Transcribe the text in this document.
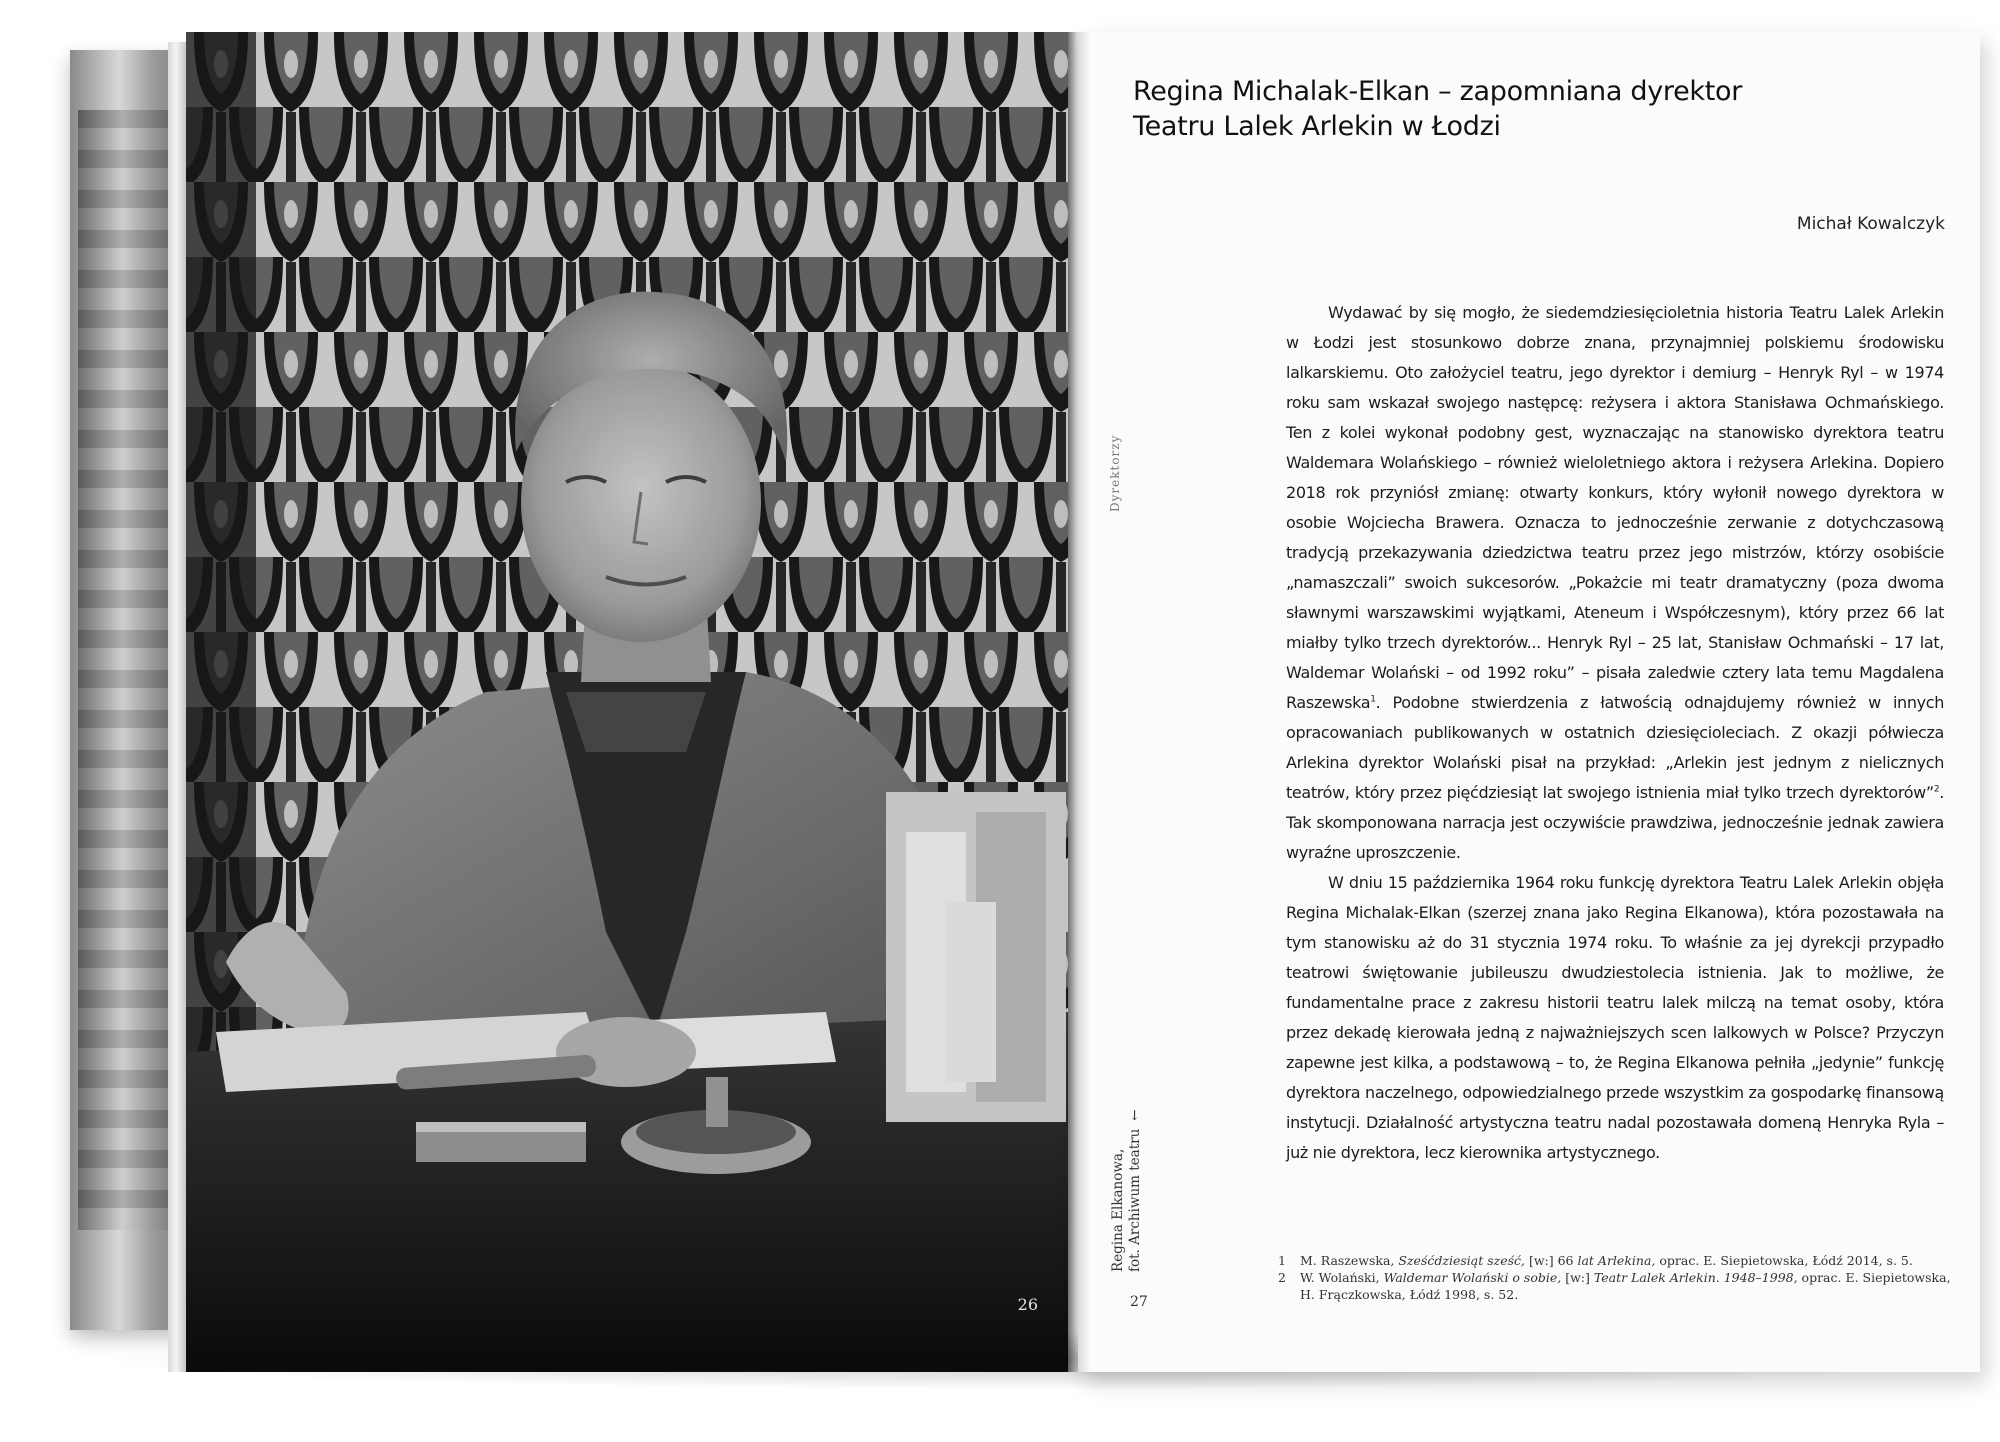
26
Regina Michalak-Elkan – zapomniana dyrektor
Teatru Lalek Arlekin w Łodzi
Michał Kowalczyk
Dyrektorzy
Regina Elkanowa,
fot. Archiwum teatru←

Wydawać by się mogło, że siedemdziesięcioletnia historia Teatru Lalek Arlekin w Łodzi jest stosunkowo dobrze znana, przynajmniej polskiemu środowisku lalkarskiemu. Oto założyciel teatru, jego dyrektor i demiurg – Henryk Ryl – w 1974 roku sam wskazał swojego następcę: reżysera i aktora Stanisława Ochmańskiego. Ten z kolei wykonał podobny gest, wyznaczając na stanowisko dyrektora teatru Waldemara Wolańskiego – również wieloletniego aktora i reżysera Arlekina. Dopiero 2018 rok przyniósł zmianę: otwarty konkurs, który wyłonił nowego dyrektora w osobie Wojciecha Brawera. Oznacza to jednocześnie zerwanie z dotychczasową tradycją przekazywania dziedzictwa teatru przez jego mistrzów, którzy osobiście „namaszczali” swoich sukcesorów. „Pokażcie mi teatr dramatyczny (poza dwoma sławnymi warszawskimi wyjątkami, Ateneum i Współczesnym), który przez 66 lat miałby tylko trzech dyrektorów... Henryk Ryl – 25 lat, Stanisław Ochmański – 17 lat, Waldemar Wolański – od 1992 roku” – pisała zaledwie cztery lata temu Magdalena Raszewska$^1$. Podobne stwierdzenia z łatwością odnajdujemy również w innych opracowaniach publikowanych w ostatnich dziesięcioleciach. Z okazji półwiecza Arlekina dyrektor Wolański pisał na przykład: „Arlekin jest jednym z nielicznych teatrów, który przez pięćdziesiąt lat swojego istnienia miał tylko trzech dyrektorów”$^2$. Tak skomponowana narracja jest oczywiście prawdziwa, jednocześnie jednak zawiera wyraźne uproszczenie.

W dniu 15 października 1964 roku funkcję dyrektora Teatru Lalek Arlekin objęła Regina Michalak-Elkan (szerzej znana jako Regina Elkanowa), która pozostawała na tym stanowisku aż do 31 stycznia 1974 roku. To właśnie za jej dyrekcji przypadło teatrowi świętowanie jubileuszu dwudziestolecia istnienia. Jak to możliwe, że fundamentalne prace z zakresu historii teatru lalek milczą na temat osoby, która przez dekadę kierowała jedną z najważniejszych scen lalkowych w Polsce? Przyczyn zapewne jest kilka, a podstawową – to, że Regina Elkanowa pełniła „jedynie” funkcję dyrektora naczelnego, odpowiedzialnego przede wszystkim za gospodarkę finansową instytucji. Działalność artystyczna teatru nadal pozostawała domeną Henryka Ryla – już nie dyrektora, lecz kierownika artystycznego.

1	M. Raszewska, Sześćdziesiąt sześć, [w:] 66 lat Arlekina, oprac. E. Siepietowska, Łódź 2014, s. 5.
2	W. Wolański, Waldemar Wolański o sobie, [w:] Teatr Lalek Arlekin. 1948–1998, oprac. E. Siepietowska, H. Frączkowska, Łódź 1998, s. 52.
27
